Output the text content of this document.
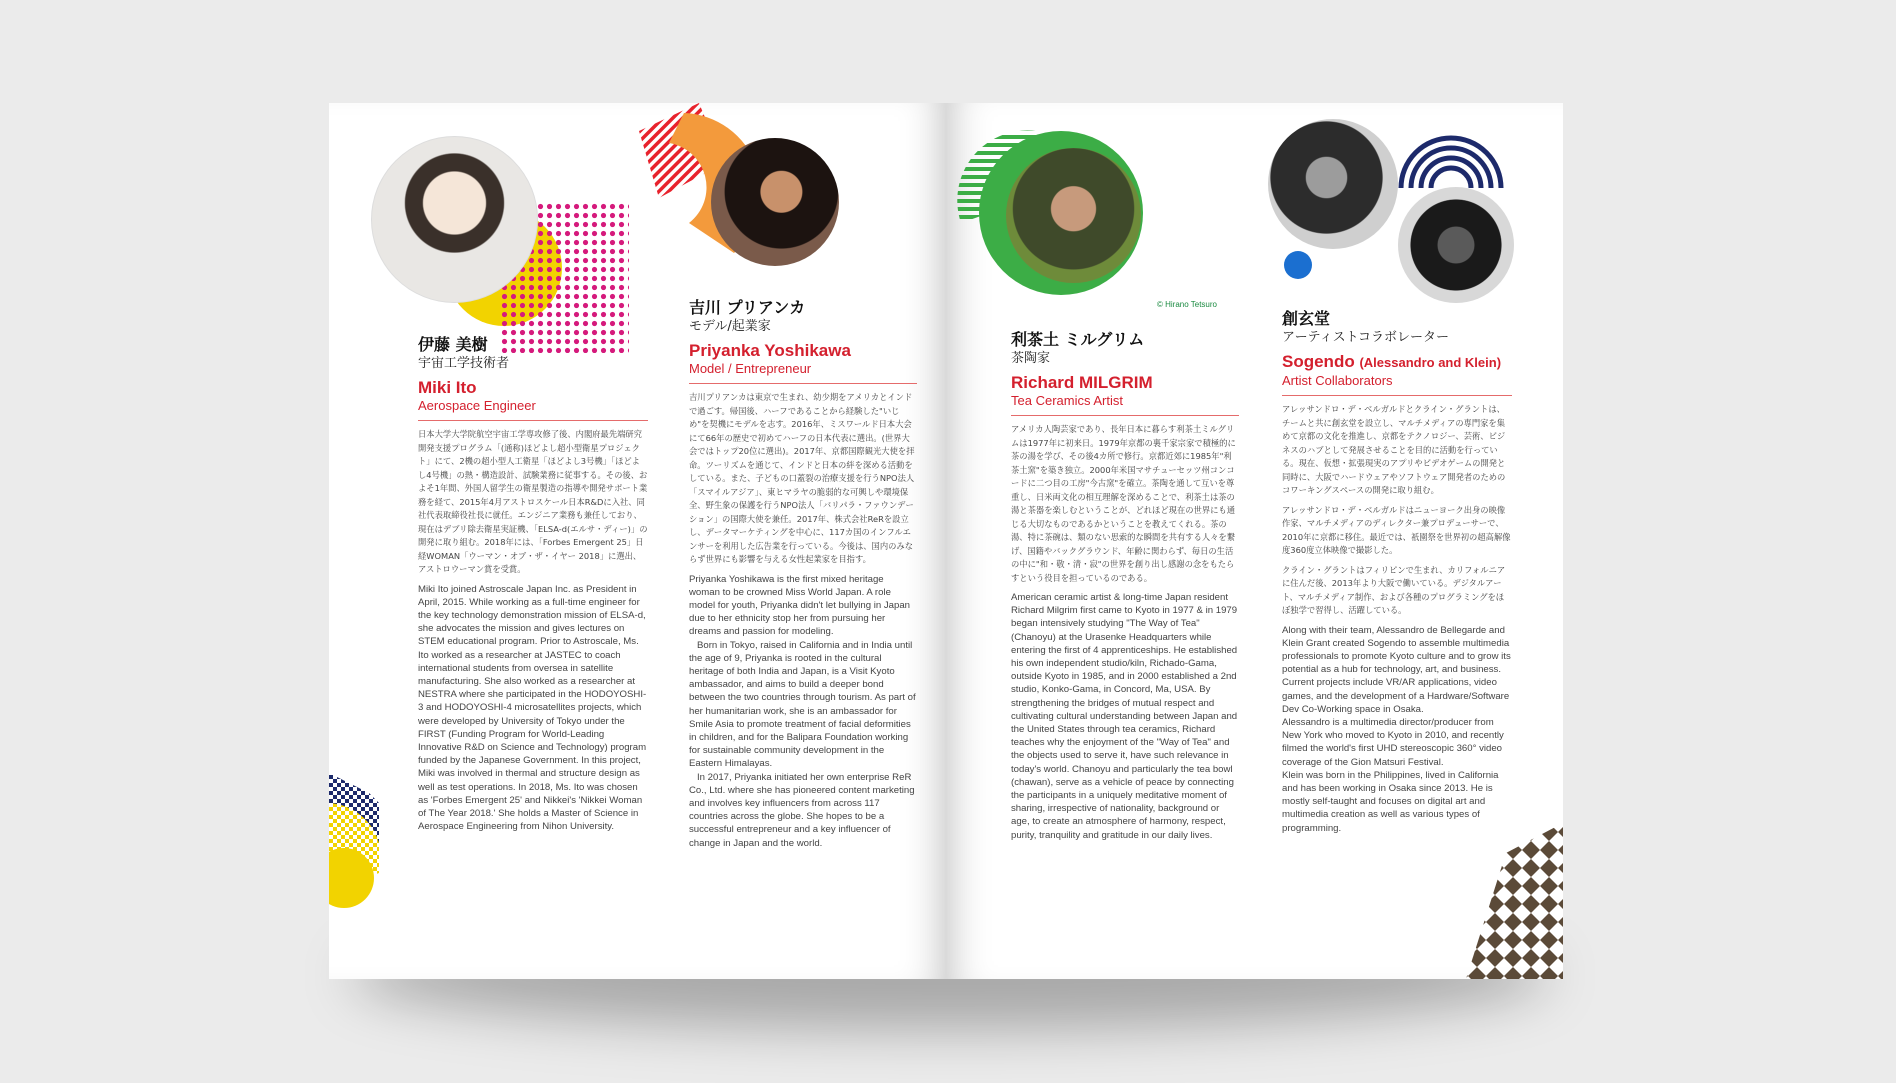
伊藤 美樹
宇宙工学技術者
Miki Ito
Aerospace Engineer

日本大学大学院航空宇宙工学専攻修了後、内閣府最先端研究開発支援プログラム「(通称)ほどよし超小型衛星プロジェクト」にて、2機の超小型人工衛星「ほどよし3号機」「ほどよし4号機」の熱・構造設計、試験業務に従事する。その後、およそ1年間、外国人留学生の衛星製造の指導や開発サポート業務を経て、2015年4月アストロスケール日本R&Dに入社、同社代表取締役社長に就任。エンジニア業務も兼任しており、現在はデブリ除去衛星実証機、「ELSA-d(エルサ・ディー)」の開発に取り組む。2018年には、「Forbes Emergent 25」日経WOMAN「ウーマン・オブ・ザ・イヤー 2018」に選出、アストロウーマン賞を受賞。

Miki Ito joined Astroscale Japan Inc. as President in April, 2015. While working as a full-time engineer for the key technology demonstration mission of ELSA-d, she advocates the mission and gives lectures on STEM educational program. Prior to Astroscale, Ms. Ito worked as a researcher at JASTEC to coach international students from oversea in satellite manufacturing. She also worked as a researcher at NESTRA where she participated in the HODOYOSHI-3 and HODOYOSHI-4 microsatellites projects, which were developed by University of Tokyo under the FIRST (Funding Program for World-Leading Innovative R&D on Science and Technology) program funded by the Japanese Government. In this project, Miki was involved in thermal and structure design as well as test operations. In 2018, Ms. Ito was chosen as 'Forbes Emergent 25' and Nikkei's 'Nikkei Woman of The Year 2018.' She holds a Master of Science in Aerospace Engineering from Nihon University.

吉川 プリアンカ
モデル/起業家
Priyanka Yoshikawa
Model / Entrepreneur

吉川プリアンカは東京で生まれ、幼少期をアメリカとインドで過ごす。帰国後、ハーフであることから経験した"いじめ"を契機にモデルを志す。2016年、ミスワールド日本大会にて66年の歴史で初めてハーフの日本代表に選出。(世界大会ではトップ20位に選出)。2017年、京都国際観光大使を拝命。ツーリズムを通じて、インドと日本の絆を深める活動をしている。また、子どもの口蓋裂の治療支援を行うNPO法人「スマイルアジア」、東ヒマラヤの脆弱的な可興しや環境保全、野生象の保護を行うNPO法人「バリパラ・ファウンデーション」の国際大使を兼任。2017年、株式会社ReRを設立し、データマーケティングを中心に、117カ国のインフルエンサーを利用した広告業を行っている。今後は、国内のみならず世界にも影響を与える女性起業家を目指す。

Priyanka Yoshikawa is the first mixed heritage woman to be crowned Miss World Japan. A role model for youth, Priyanka didn't let bullying in Japan due to her ethnicity stop her from pursuing her dreams and passion for modeling.

Born in Tokyo, raised in California and in India until the age of 9, Priyanka is rooted in the cultural heritage of both India and Japan, is a Visit Kyoto ambassador, and aims to build a deeper bond between the two countries through tourism. As part of her humanitarian work, she is an ambassador for Smile Asia to promote treatment of facial deformities in children, and for the Balipara Foundation working for sustainable community development in the Eastern Himalayas.

In 2017, Priyanka initiated her own enterprise ReR Co., Ltd. where she has pioneered content marketing and involves key influencers from across 117 countries across the globe. She hopes to be a successful entrepreneur and a key influencer of change in Japan and the world.

© Hirano Tetsuro
利茶土 ミルグリム
茶陶家
Richard MILGRIM
Tea Ceramics Artist

アメリカ人陶芸家であり、長年日本に暮らす利茶土ミルグリムは1977年に初来日。1979年京都の裏千家宗家で積極的に茶の湯を学び、その後4カ所で修行。京都近郊に1985年"利茶土窯"を築き独立。2000年米国マサチューセッツ州コンコードに二つ目の工房"今古窯"を確立。茶陶を通して互いを尊重し、日米両文化の相互理解を深めることで、利茶土は茶の湯と茶器を楽しむということが、どれほど現在の世界にも通じる大切なものであるかということを教えてくれる。茶の湯、特に茶碗は、類のない思索的な瞬間を共有する人々を繋げ、国籍やバックグラウンド、年齢に関わらず、毎日の生活の中に"和・敬・清・寂"の世界を創り出し感謝の念をもたらすという役目を担っているのである。

American ceramic artist & long-time Japan resident Richard Milgrim first came to Kyoto in 1977 & in 1979 began intensively studying "The Way of Tea" (Chanoyu) at the Urasenke Headquarters while entering the first of 4 apprenticeships. He established his own independent studio/kiln, Richado-Gama, outside Kyoto in 1985, and in 2000 established a 2nd studio, Konko-Gama, in Concord, Ma, USA. By strengthening the bridges of mutual respect and cultivating cultural understanding between Japan and the United States through tea ceramics, Richard teaches why the enjoyment of the "Way of Tea" and the objects used to serve it, have such relevance in today's world. Chanoyu and particularly the tea bowl (chawan), serve as a vehicle of peace by connecting the participants in a uniquely meditative moment of sharing, irrespective of nationality, background or age, to create an atmosphere of harmony, respect, purity, tranquility and gratitude in our daily lives.

創玄堂
アーティストコラボレーター
Sogendo (Alessandro and Klein)
Artist Collaborators

アレッサンドロ・デ・ベルガルドとクライン・グラントは、チームと共に創玄堂を設立し、マルチメディアの専門家を集めて京都の文化を推進し、京都をテクノロジー、芸術、ビジネスのハブとして発展させることを目的に活動を行っている。現在、仮想・拡張現実のアプリやビデオゲームの開発と同時に、大阪でハードウェアやソフトウェア開発者のためのコワーキングスペースの開発に取り組む。

アレッサンドロ・デ・ベルガルドはニューヨーク出身の映像作家、マルチメディアのディレクター兼プロデューサーで、2010年に京都に移住。最近では、祇園祭を世界初の超高解像度360度立体映像で撮影した。

クライン・グラントはフィリピンで生まれ、カリフォルニアに住んだ後、2013年より大阪で働いている。デジタルアート、マルチメディア制作、および各種のプログラミングをほぼ独学で習得し、活躍している。

Along with their team, Alessandro de Bellegarde and Klein Grant created Sogendo to assemble multimedia professionals to promote Kyoto culture and to grow its potential as a hub for technology, art, and business. Current projects include VR/AR applications, video games, and the development of a Hardware/Software Dev Co-Working space in Osaka.

Alessandro is a multimedia director/producer from New York who moved to Kyoto in 2010, and recently filmed the world's first UHD stereoscopic 360° video coverage of the Gion Matsuri Festival.

Klein was born in the Philippines, lived in California and has been working in Osaka since 2013. He is mostly self-taught and focuses on digital art and multimedia creation as well as various types of programming.
